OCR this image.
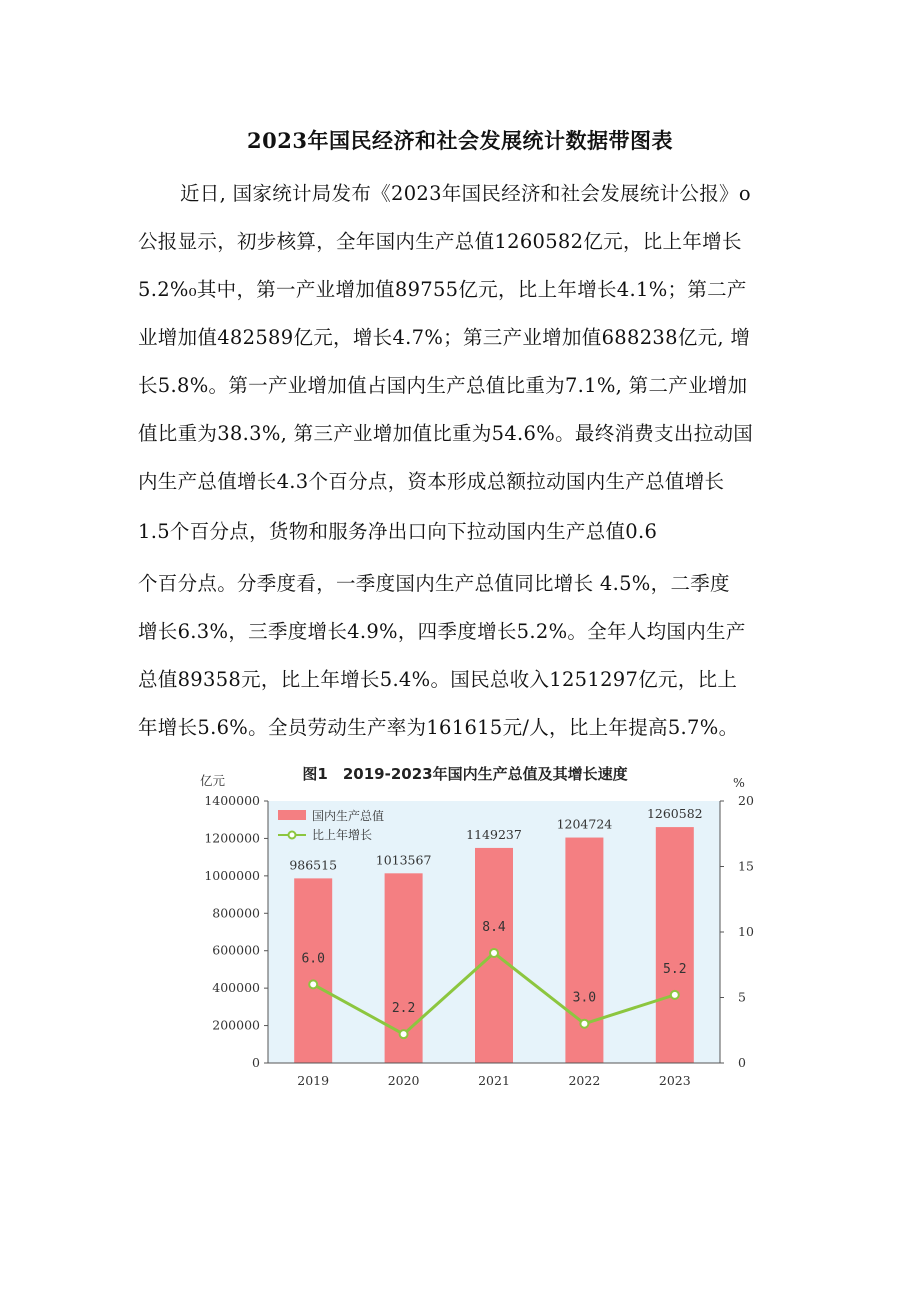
2023年国民经济和社会发展统计数据带图表
近日, 国家统计局发布《2023年国民经济和社会发展统计公报》o
公报显示，初步核算，全年国内生产总值1260582亿元，比上年增长
5.2%₀其中，第一产业增加值89755亿元，比上年增长4.1%；第二产
业增加值482589亿元，增长4.7%；第三产业增加值688238亿元, 增
长5.8%。第一产业增加值占国内生产总值比重为7.1%, 第二产业增加
值比重为38.3%, 第三产业增加值比重为54.6%。最终消费支出拉动国
内生产总值增长4.3个百分点，资本形成总额拉动国内生产总值增长
1.5个百分点，货物和服务净出口向下拉动国内生产总值0.6
个百分点。分季度看，一季度国内生产总值同比增长 4.5%，二季度
增长6.3%，三季度增长4.9%，四季度增长5.2%。全年人均国内生产
总值89358元，比上年增长5.4%。国民总收入1251297亿元，比上
年增长5.6%。全员劳动生产率为161615元/人，比上年提高5.7%。
986515	1013567
1149237
1204724
1260582
6.0
2.2
8.4
3.0
5.2
0
200000
400000
600000
800000
1000000
1200000
1400000
0
5
10
15
20
2019	2020	2021	2022	2023
图1　2019-2023年国内生产总值及其增长速度
亿元	%
国内生产总值
比上年增长
